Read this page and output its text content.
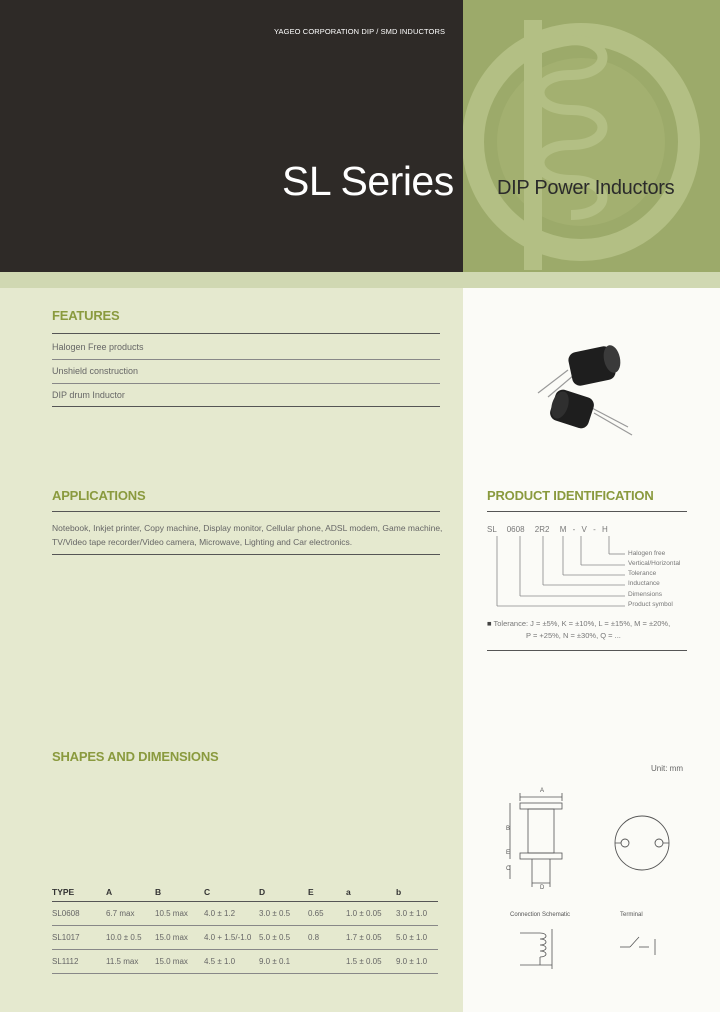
YAGEO CORPORATION DIP / SMD INDUCTORS
SL Series DIP Power Inductors
FEATURES
Halogen Free products
Unshield construction
DIP drum Inductor
APPLICATIONS
Notebook, Inkjet printer, Copy machine, Display monitor, Cellular phone, ADSL modem, Game machine, TV/Video tape recorder/Video camera, Microwave, Lighting and Car electronics.
PRODUCT IDENTIFICATION
SL 0608 2R2 M - V - H
Halogen free
Vertical/Horizontal
Tolerance
Inductance
Dimensions
Product symbol
■ Tolerance: J = ±5%, K = ±10%, L = ±15%, M = ±20%,
P = +25%, N = ±30%, Q = ...
SHAPES AND DIMENSIONS
Unit: mm
TYPE	A	B	C	D	E	a	b
SL0608	6.7 max	10.5 max	4.0 ± 1.2	3.0 ± 0.5	0.65	1.0 ± 0.05	3.0 ± 1.0
SL1017	10.0 ± 0.5	15.0 max	4.0 + 1.5/-1.0	5.0 ± 0.5	0.8	1.7 ± 0.05	5.0 ± 1.0
SL1112	11.5 max	15.0 max	4.5 ± 1.0	9.0 ± 0.1		1.5 ± 0.05	9.0 ± 1.0
A
B
C
D
E
Connection Schematic	Terminal
